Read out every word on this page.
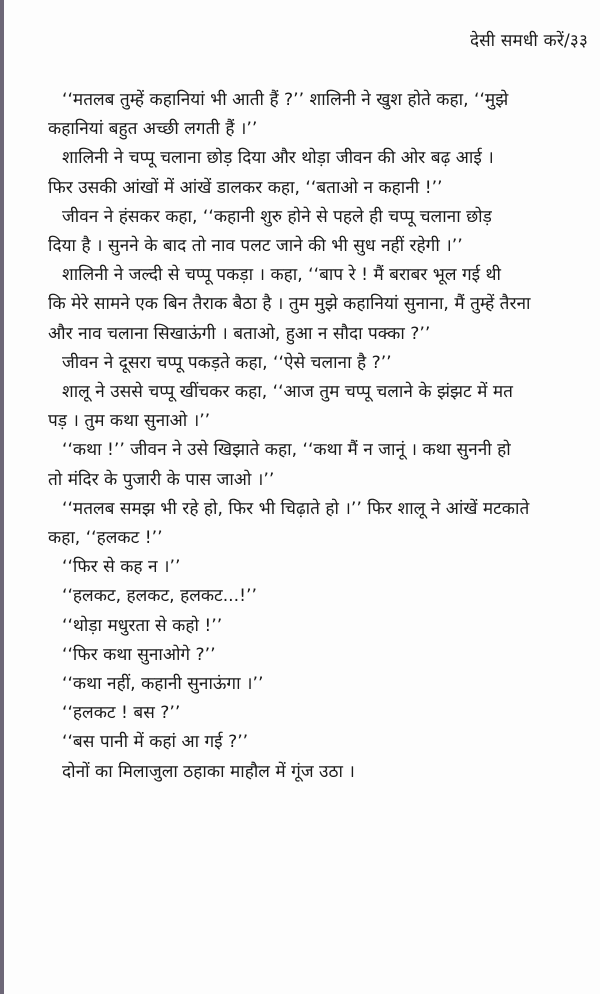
देसी समधी करें/३३
‘‘मतलब तुम्हें कहानियां भी आती हैं ?’’ शालिनी ने खुश होते कहा, ‘‘मुझे
कहानियां बहुत अच्छी लगती हैं ।’’
शालिनी ने चप्पू चलाना छोड़ दिया और थोड़ा जीवन की ओर बढ़ आई ।
फिर उसकी आंखों में आंखें डालकर कहा, ‘‘बताओ न कहानी !’’
जीवन ने हंसकर कहा, ‘‘कहानी शुरु होने से पहले ही चप्पू चलाना छोड़
दिया है । सुनने के बाद तो नाव पलट जाने की भी सुध नहीं रहेगी ।’’
शालिनी ने जल्दी से चप्पू पकड़ा । कहा, ‘‘बाप रे ! मैं बराबर भूल गई थी
कि मेरे सामने एक बिन तैराक बैठा है । तुम मुझे कहानियां सुनाना, मैं तुम्हें तैरना
और नाव चलाना सिखाऊंगी । बताओ, हुआ न सौदा पक्का ?’’
जीवन ने दूसरा चप्पू पकड़ते कहा, ‘‘ऐसे चलाना है ?’’
शालू ने उससे चप्पू खींचकर कहा, ‘‘आज तुम चप्पू चलाने के झंझट में मत
पड़ । तुम कथा सुनाओ ।’’
‘‘कथा !’’ जीवन ने उसे खिझाते कहा, ‘‘कथा मैं न जानूं । कथा सुननी हो
तो मंदिर के पुजारी के पास जाओ ।’’
‘‘मतलब समझ भी रहे हो, फिर भी चिढ़ाते हो ।’’ फिर शालू ने आंखें मटकाते
कहा, ‘‘हलकट !’’
‘‘फिर से कह न ।’’
‘‘हलकट, हलकट, हलकट...!’’
‘‘थोड़ा मधुरता से कहो !’’
‘‘फिर कथा सुनाओगे ?’’
‘‘कथा नहीं, कहानी सुनाऊंगा ।’’
‘‘हलकट ! बस ?’’
‘‘बस पानी में कहां आ गई ?’’
दोनों का मिलाजुला ठहाका माहौल में गूंज उठा ।
